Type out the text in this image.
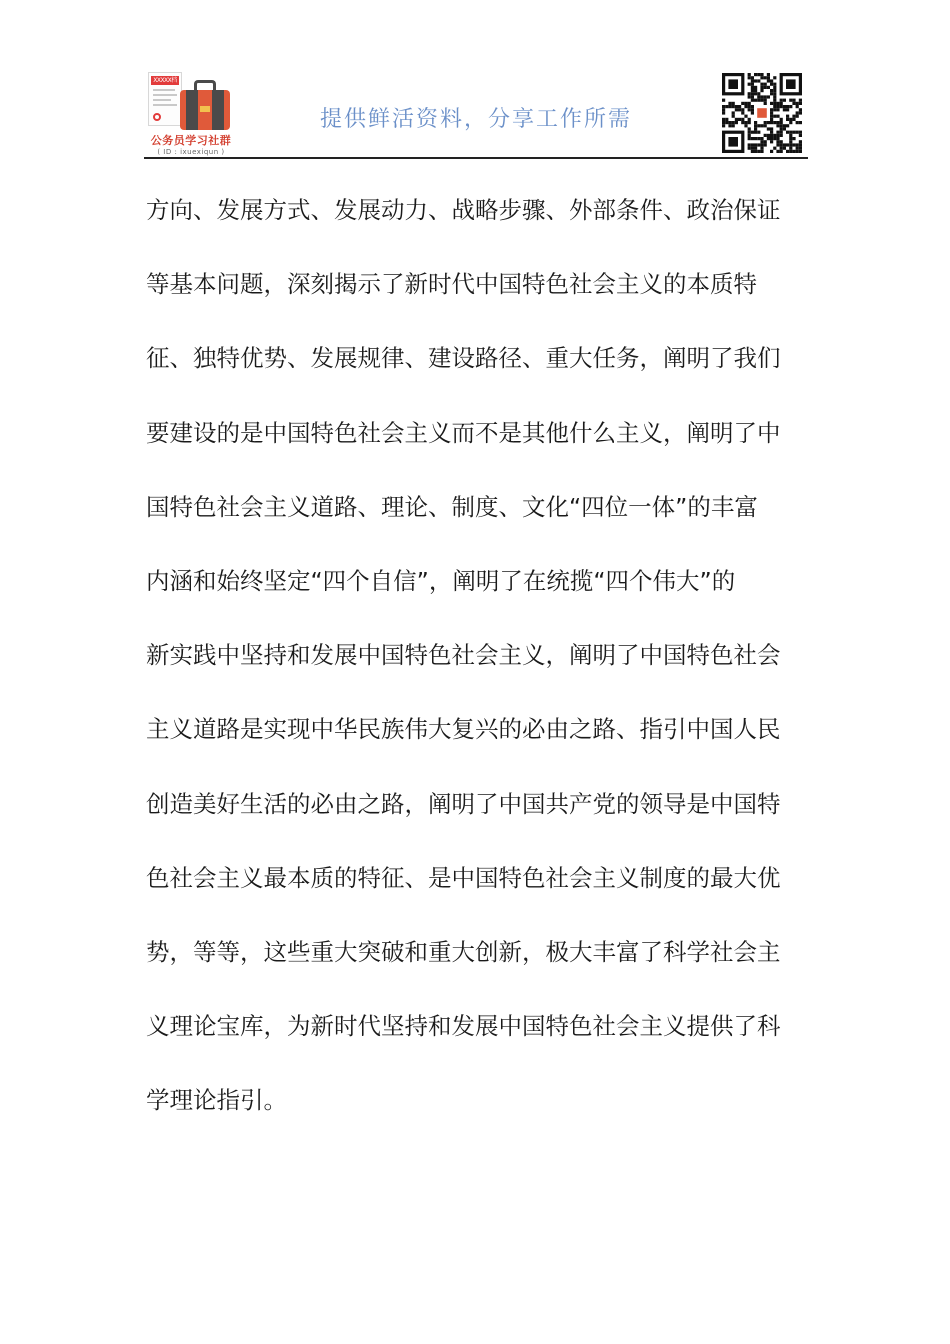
XXXXX档
公务员学习社群
( ID : ixuexiqun )
提供鲜活资料，分享工作所需
方向、发展方式、发展动力、战略步骤、外部条件、政治保证
等基本问题，深刻揭示了新时代中国特色社会主义的本质特
征、独特优势、发展规律、建设路径、重大任务，阐明了我们
要建设的是中国特色社会主义而不是其他什么主义，阐明了中
国特色社会主义道路、理论、制度、文化“四位一体”的丰富
内涵和始终坚定“四个自信”，阐明了在统揽“四个伟大”的
新实践中坚持和发展中国特色社会主义，阐明了中国特色社会
主义道路是实现中华民族伟大复兴的必由之路、指引中国人民
创造美好生活的必由之路，阐明了中国共产党的领导是中国特
色社会主义最本质的特征、是中国特色社会主义制度的最大优
势，等等，这些重大突破和重大创新，极大丰富了科学社会主
义理论宝库，为新时代坚持和发展中国特色社会主义提供了科
学理论指引。
